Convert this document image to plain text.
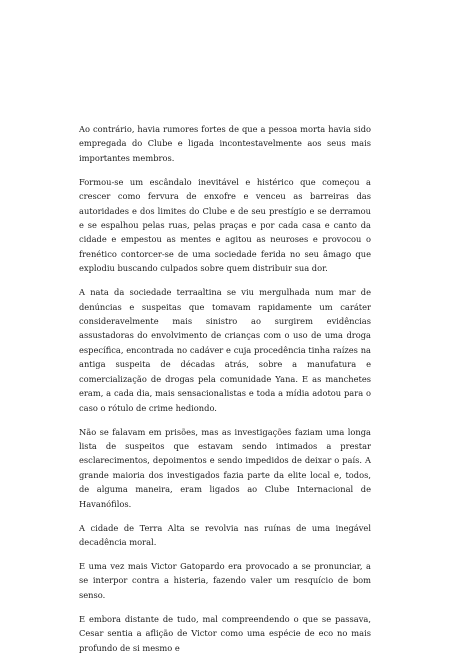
Ao contrário, havia rumores fortes de que a pessoa morta havia sido empregada do Clube e ligada incontestavelmente aos seus mais importantes membros.

Formou-se um escândalo inevitável e histérico que começou a crescer como fervura de enxofre e venceu as barreiras das autoridades e dos limites do Clube e de seu prestígio e se derramou e se espalhou pelas ruas, pelas praças e por cada casa e canto da cidade e empestou as mentes e agitou as neuroses e provocou o frenético contorcer-se de uma sociedade ferida no seu âmago que explodiu buscando culpados sobre quem distribuir sua dor.

A nata da sociedade terraaltina se viu mergulhada num mar de denúncias e suspeitas que tomavam rapidamente um caráter consideravelmente mais sinistro ao surgirem evidências assustadoras do envolvimento de crianças com o uso de uma droga específica, encontrada no cadáver e cuja procedência tinha raízes na antiga suspeita de décadas atrás, sobre a manufatura e comercialização de drogas pela comunidade Yana. E as manchetes eram, a cada dia, mais sensacionalistas e toda a mídia adotou para o caso o rótulo de crime hediondo.

Não se falavam em prisões, mas as investigações faziam uma longa lista de suspeitos que estavam sendo intimados a prestar esclarecimentos, depoimentos e sendo impedidos de deixar o país. A grande maioria dos investigados fazia parte da elite local e, todos, de alguma maneira, eram ligados ao Clube Internacional de Havanófilos.

A cidade de Terra Alta se revolvia nas ruínas de uma inegável decadência moral.

E uma vez mais Victor Gatopardo era provocado a se pronunciar, a se interpor contra a histeria, fazendo valer um resquício de bom senso.

E embora distante de tudo, mal compreendendo o que se passava, Cesar sentia a aflição de Victor como uma espécie de eco no mais profundo de si mesmo e
